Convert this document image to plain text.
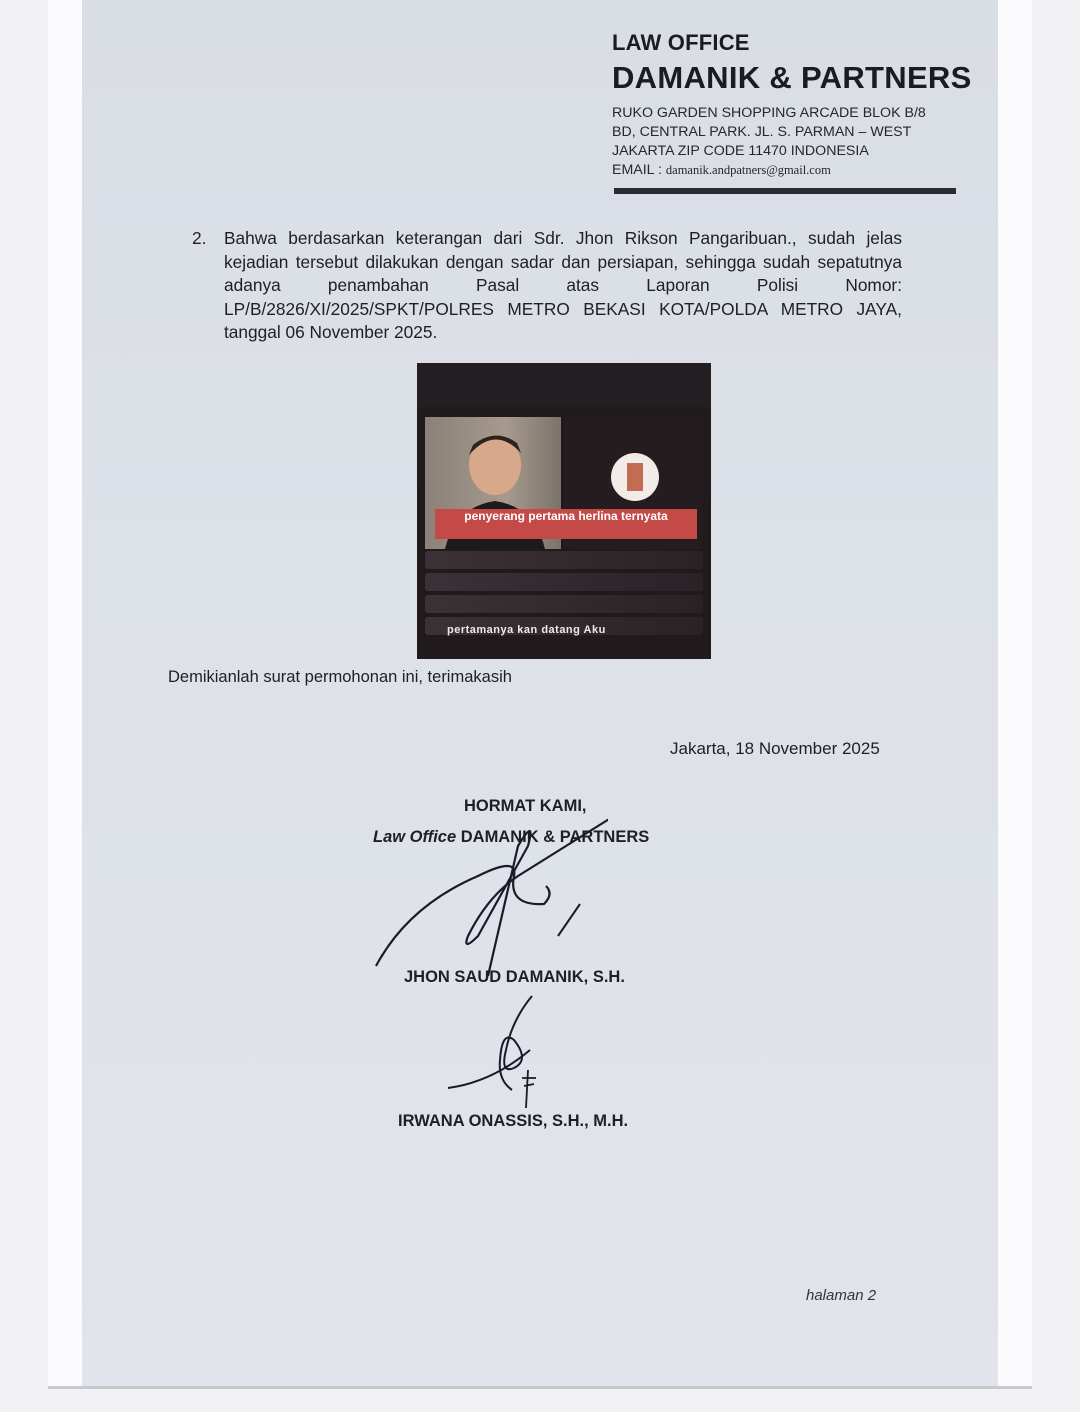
LAW OFFICE
DAMANIK & PARTNERS
RUKO GARDEN SHOPPING ARCADE BLOK B/8
BD, CENTRAL PARK. JL. S. PARMAN – WEST
JAKARTA ZIP CODE 11470 INDONESIA
EMAIL : damanik.andpatners@gmail.com
2. Bahwa berdasarkan keterangan dari Sdr. Jhon Rikson Pangaribuan., sudah jelas kejadian tersebut dilakukan dengan sadar dan persiapan, sehingga sudah sepatutnya adanya penambahan Pasal atas Laporan Polisi Nomor: LP/B/2826/XI/2025/SPKT/POLRES METRO BEKASI KOTA/POLDA METRO JAYA, tanggal 06 November 2025.
penyerang pertama herlina ternyata
pertamanya kan datang Aku
Demikianlah surat permohonan ini, terimakasih
Jakarta, 18 November 2025
HORMAT KAMI,
Law Office DAMANIK & PARTNERS
JHON SAUD DAMANIK, S.H.
IRWANA ONASSIS, S.H., M.H.
halaman 2
